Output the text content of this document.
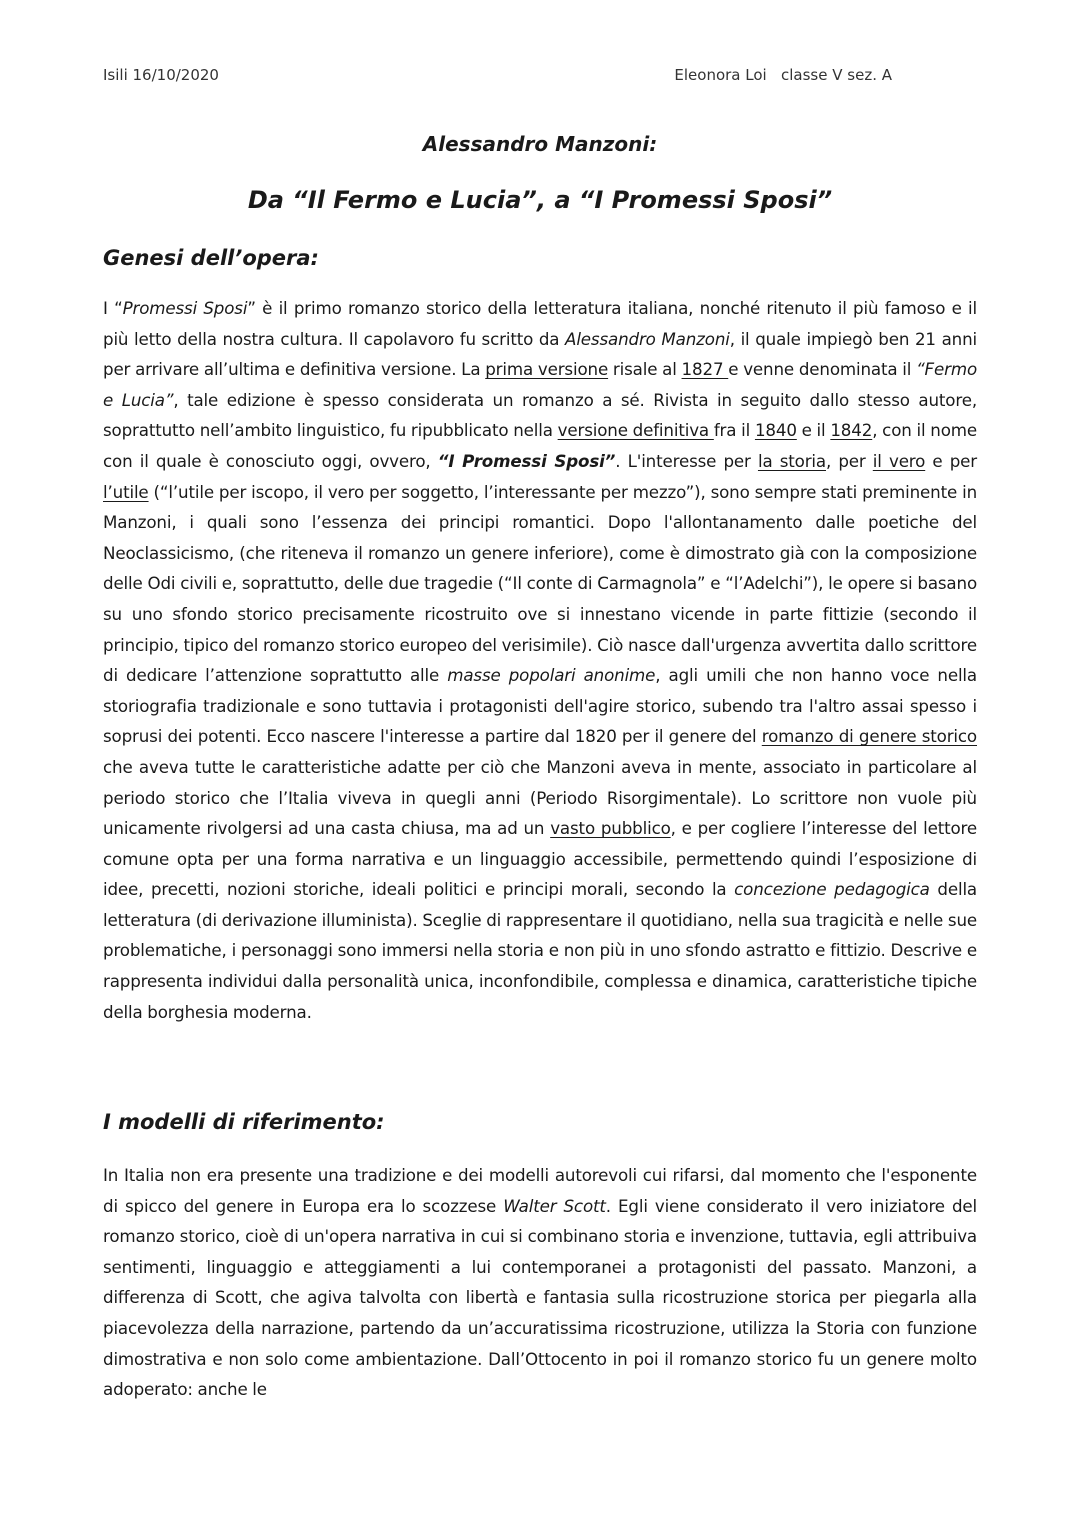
Isili 16/10/2020	Eleonora Loi   classe V sez. A
Alessandro Manzoni:
Da “Il Fermo e Lucia”, a “I Promessi Sposi”
Genesi dell’opera:

I “Promessi Sposi” è il primo romanzo storico della letteratura italiana, nonché ritenuto il più famoso e il più letto della nostra cultura. Il capolavoro fu scritto da Alessandro Manzoni, il quale impiegò ben 21 anni per arrivare all’ultima e definitiva versione. La prima versione risale al 1827 e venne denominata il “Fermo e Lucia”, tale edizione è spesso considerata un romanzo a sé. Rivista in seguito dallo stesso autore, soprattutto nell’ambito linguistico, fu ripubblicato nella versione definitiva fra il 1840 e il 1842, con il nome con il quale è conosciuto oggi, ovvero, “I Promessi Sposi”. L'interesse per la storia, per il vero e per l’utile (“l’utile per iscopo, il vero per soggetto, l’interessante per mezzo”), sono sempre stati preminente in Manzoni, i quali sono l’essenza dei principi romantici. Dopo l'allontanamento dalle poetiche del Neoclassicismo, (che riteneva il romanzo un genere inferiore), come è dimostrato già con la composizione delle Odi civili e, soprattutto, delle due tragedie (“Il conte di Carmagnola” e “l’Adelchi”), le opere si basano su uno sfondo storico precisamente ricostruito ove si innestano vicende in parte fittizie (secondo il principio, tipico del romanzo storico europeo del verisimile). Ciò nasce dall'urgenza avvertita dallo scrittore di dedicare l’attenzione soprattutto alle masse popolari anonime, agli umili che non hanno voce nella storiografia tradizionale e sono tuttavia i protagonisti dell'agire storico, subendo tra l'altro assai spesso i soprusi dei potenti. Ecco nascere l'interesse a partire dal 1820 per il genere del romanzo di genere storico che aveva tutte le caratteristiche adatte per ciò che Manzoni aveva in mente, associato in particolare al periodo storico che l’Italia viveva in quegli anni (Periodo Risorgimentale). Lo scrittore non vuole più unicamente rivolgersi ad una casta chiusa, ma ad un vasto pubblico, e per cogliere l’interesse del lettore comune opta per una forma narrativa e un linguaggio accessibile, permettendo quindi l’esposizione di idee, precetti, nozioni storiche, ideali politici e principi morali, secondo la concezione pedagogica della letteratura (di derivazione illuminista). Sceglie di rappresentare il quotidiano, nella sua tragicità e nelle sue problematiche, i personaggi sono immersi nella storia e non più in uno sfondo astratto e fittizio. Descrive e rappresenta individui dalla personalità unica, inconfondibile, complessa e dinamica, caratteristiche tipiche della borghesia moderna.

I modelli di riferimento:

In Italia non era presente una tradizione e dei modelli autorevoli cui rifarsi, dal momento che l'esponente di spicco del genere in Europa era lo scozzese Walter Scott. Egli viene considerato il vero iniziatore del romanzo storico, cioè di un'opera narrativa in cui si combinano storia e invenzione, tuttavia, egli attribuiva sentimenti, linguaggio e atteggiamenti a lui contemporanei a protagonisti del passato. Manzoni, a differenza di Scott, che agiva talvolta con libertà e fantasia sulla ricostruzione storica per piegarla alla piacevolezza della narrazione, partendo da un’accuratissima ricostruzione, utilizza la Storia con funzione dimostrativa e non solo come ambientazione. Dall’Ottocento in poi il romanzo storico fu un genere molto adoperato: anche le
